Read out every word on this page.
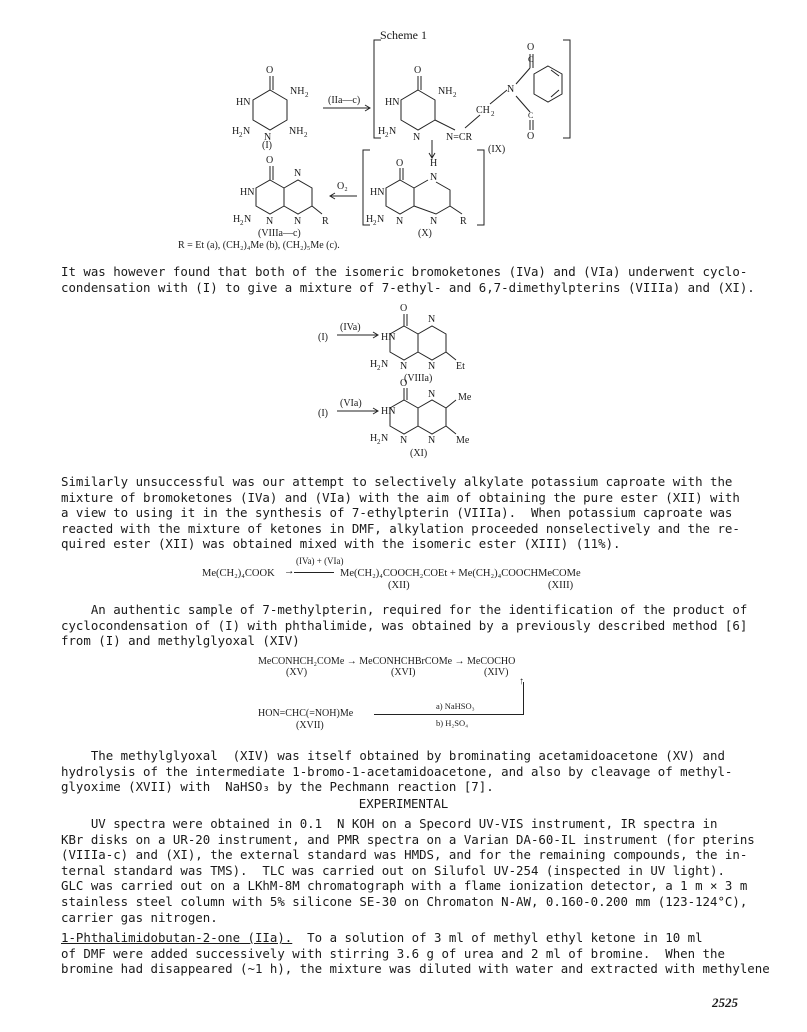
Scheme 1
O
NH 2
HN
NH 2
N
H 2 N
(I)
(IIa—c)
O
NH 2
HN
H 2 N
N	N=CR
CH 2
N
O
C
C
O
(IX)
O	H
N
HN
H 2 N N	N R
(X)
O₂
O
N
HN
H 2 N N N R
(VIIIa—c)
R = Et (a), (CH₂)₄Me (b), (CH₂)₅Me (c).
(I)
(IVa)
O
N
HN
H 2 N N N Et
(VIIIa)
(I)
(VIa)
O
N Me
HN
H 2 N N N Me
(XI)
It was however found that both of the isomeric bromoketones (IVa) and (VIa) underwent cyclo-
condensation with (I) to give a mixture of 7-ethyl- and 6,7-dimethylpterins (VIIIa) and (XI).
Similarly unsuccessful was our attempt to selectively alkylate potassium caproate with the
mixture of bromoketones (IVa) and (VIa) with the aim of obtaining the pure ester (XII) with
a view to using it in the synthesis of 7-ethylpterin (VIIIa).  When potassium caproate was
reacted with the mixture of ketones in DMF, alkylation proceeded nonselectively and the re-
quired ester (XII) was obtained mixed with the isomeric ester (XIII) (11%).
(IVa) + (VIa)
Me(CH₂)₄COOK →	Me(CH₂)₄COOCH₂COEt + Me(CH₂)₄COOCHMeCOMe
(XII)	(XIII)
An authentic sample of 7-methylpterin, required for the identification of the product of
cyclocondensation of (I) with phthalimide, was obtained by a previously described method [6]
from (I) and methylglyoxal (XIV)
MeCONHCH₂COMe → MeCONHCHBrCOMe → MeCOCHO
(XV)	(XVI)	(XIV)
HON=CHC(=NOH)Me
(XVII)
a) NaHSO₃
b) H₂SO₄
↑
The methylglyoxal  (XIV) was itself obtained by brominating acetamidoacetone (XV) and
hydrolysis of the intermediate 1-bromo-1-acetamidoacetone, and also by cleavage of methyl-
glyoxime (XVII) with  NaHSO₃ by the Pechmann reaction [7].
EXPERIMENTAL
UV spectra were obtained in 0.1  N KOH on a Specord UV-VIS instrument, IR spectra in
KBr disks on a UR-20 instrument, and PMR spectra on a Varian DA-60-IL instrument (for pterins
(VIIIa-c) and (XI), the external standard was HMDS, and for the remaining compounds, the in-
ternal standard was TMS).  TLC was carried out on Silufol UV-254 (inspected in UV light).
GLC was carried out on a LKhM-8M chromatograph with a flame ionization detector, a 1 m × 3 m
stainless steel column with 5% silicone SE-30 on Chromaton N-AW, 0.160-0.200 mm (123-124°C),
carrier gas nitrogen.
1-Phthalimidobutan-2-one (IIa).  To a solution of 3 ml of methyl ethyl ketone in 10 ml
of DMF were added successively with stirring 3.6 g of urea and 2 ml of bromine.  When the
bromine had disappeared (~1 h), the mixture was diluted with water and extracted with methylene
2525
